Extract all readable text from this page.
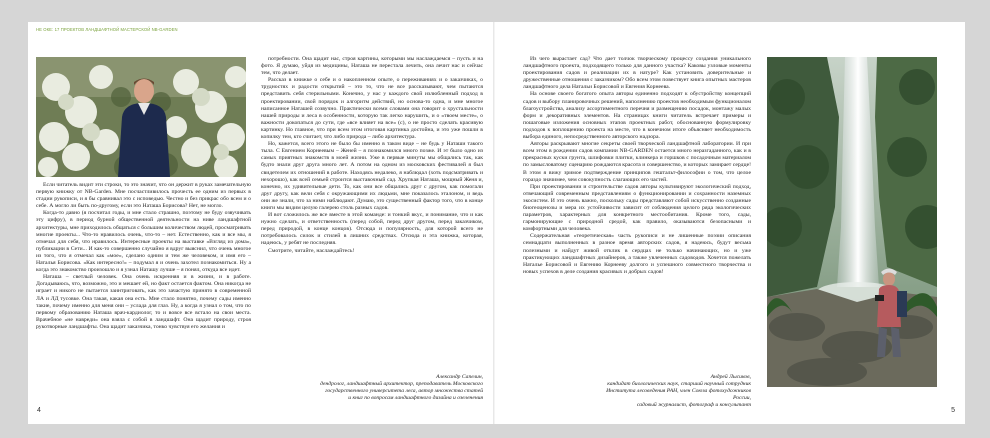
НЕ ОКЕ: 17 ПРОЕКТОВ ЛАНДШАФТНОЙ МАСТЕРСКОЙ NB-GARDEN

Если читатель видит эти строки, то это значит, что он держит в руках замечательную первую книжку от NB-Garden. Мне посчастливилось прочесть ее одним из первых в стадии рукописи, и я бы сравнивал это с исповедью. Честно и без прикрас обо всем и о себе. А могло ли быть по-другому, если это Наташа Борисова? Нет, не могло.

Когда-то давно (я посчитал годы, и мне стало страшно, поэтому не буду озвучивать эту цифру), в период бурной общественной деятельности на ниве ландшафтной архитектуры, мне приходилось общаться с большим количеством людей, просматривать многие проекты... Что-то нравилось очень, что-то – нет. Естественно, как и все мы, я отмечал для себя, что нравилось. Интересные проекты на выставке «Взгляд из дома», публикации в Сети... И как-то совершенно случайно я вдруг выяснил, что очень многое из того, что я отмечал как «мое», сделано одним и тем же человеком, и имя его – Наталья Борисова. «Как интересно!» – подумал я и очень захотел познакомиться. Ну а когда это знакомство произошло и я узнал Наташу лучше – я понял, откуда все идет.

Наташа – светлый человек. Она очень искренняя и в жизни, и в работе. Догадываюсь, что, возможно, это и мешает ей, но факт остается фактом. Она никогда не играет и никого не пытается заинтриговать, как это зачастую принято в современной ЛА и ЛД тусовке. Она такая, какая она есть. Мне стало понятно, почему сады именно такие, почему именно для меня они – услада для глаз. Ну, а когда я узнал о том, что по первому образованию Наташа врач-кардиолог, то и вовсе все встало на свои места. Врачебное «не навреди» она взяла с собой в ландшафт. Она щадит природу, строя рукотворные ландшафты. Она щадит заказчика, тонко чувствуя его желания и

потребности. Она щадит нас, строя картины, которыми мы наслаждаемся – пусть и на фото. Я думаю, уйдя из медицины, Наташа не перестала лечить, она лечит нас и сейчас тем, что делает.

Рассказ в книжке о себе и о накопленном опыте, о переживаниях и о заказчиках, о трудностях и радости открытий – это то, что не все рассказывают, чем пытаются представить себя стерильными. Конечно, у нас у каждого свой излюбленный подход в проектировании, свой порядок и алгоритм действий, но основа-то одна, и мне многое написанное Наташей созвучно. Практически всеми словами она говорит о хрустальности нашей природы и леса в особенности, которую так легко нарушить, и о «твоем месте», о важности докопаться до сути, где «все влияет на все» (с), о не просто сделать красивую картинку. Но главное, что при всем этом итоговая картинка достойна, и это уже пошли в копилку тем, кто считает, что либо природа – либо архитектура.

Но, кажется, всего этого не было бы именно в таком виде – не будь у Наташи такого тыла. С Евгением Корнеевым – Женей – я познакомился много позже. И эт было одно из самых приятных знакомств в моей жизни. Уже в первые минуты мы общались так, как будто знали друг друга много лет. А потом на одном из московских фестивалей я был свидетелем их отношений в работе. Находясь недалеко, я наблюдал (хоть подсматривать и нехорошо), как всей семьей строится выставочный сад. Хрупкая Наташа, мощный Женя и, конечно, их удивительные дети. То, как они все общались друг с другом, как помогали друг другу, как вели себя с окружающими их людьми, мне показалось эталоном, и ведь они же знали, что за ними наблюдают. Думаю, это существенный фактор того, что в конце книги мы видим целую галерею столь разных садов.

И вот сложилось же все вместе в этой команде: и тонкий вкус, и понимание, что и как нужно сделать, и ответственность (перед собой, перед друг другом, перед заказчиком, перед природой, в конце концов). Отсюда и популярность, для которой всего не потребовалось силок и стилей в лишних средствах. Отсюда и эта книжка, которая, надеюсь, у ребят не последняя.

Смотрите, читайте, наслаждайтесь!

Александр Сапелин,
дендролог, ландшафтный архитектор, преподаватель Московского
государственного университета леса, автор множества статей
и книг по вопросам ландшафтного дизайна и озеленения
4

Из чего вырастает сад? Что дает толчок творческому процессу создания уникального ландшафтного проекта, подходящего только для данного участка? Каковы узловые моменты проектирования садов и реализации их в натуре? Как установить доверительные и дружественные отношения с заказчиком? Обо всем этом повествует книга опытных мастеров ландшафтного дела Натальи Борисовой и Евгения Корнеева.

На основе своего богатого опыта авторы единенно подходят к обустройству концепций садов и выбору планировочных решений, наполнению проектов необходимым функционалом благоустройства, анализу ассортиментного перечня и размещению посадок, монтажу малых форм и декоративных элементов. На страницах книги читатель встречает примеры и пошаговые изложения основных этапов проектных работ, обоснованную формулировку подходов к воплощению проекта на месте, что в конечном итоге объясняет необходимость выбора единого, непосредственного авторского надзора.

Авторы раскрывают многие секреты своей творческой ландшафтной лаборатории. И при всем этом в рождении садов компании NB-GARDEN остается много неразгаданного, как и в прекрасных куски грунта, шлифовки плитки, клинкера и горшков с посадочным материалом по замысловатому сценарию рождаются красота и совершенство, и которых замирает сердце! В этом я вижу зримое подтверждение принципов гештальт-философии о том, что целое гораздо значимее, чем совокупность слагающих его частей.

При проектировании и строительстве садов авторы культивируют экологический подход, отвечающий современным представлениям о функционировании и сохранности наземных экосистем. И это очень важно, поскольку сады представляют собой искусственно созданные биогеоценозы и мера их устойчивости зависит от соблюдения целого ряда экологических параметров, характерных для конкретного местообитания. Кроме того, сады, гармонирующие с природной средой, как правило, оказываются безопасными и комфортными для человека.

Содержательная «теоретическая» часть рукописи и не лишенные поэзии описания семнадцати выполненных в разное время авторских садов, я надеюсь, будут весьма полезными и найдут живой отклик в сердцах не только начинающих, но и уже практикующих ландшафтных дизайнеров, а также увлеченных садоводов. Хочется пожелать Наталье Борисовой и Евгению Корнееву долгого и успешного совместного творчества и новых успехов в деле создания красивых и добрых садов!

Андрей Лысиков,
кандидат биологических наук, старший научный сотрудник
Института лесоведения РАН, член Союза фотохудожников России,
садовый журналист, фотограф и консультант
5
